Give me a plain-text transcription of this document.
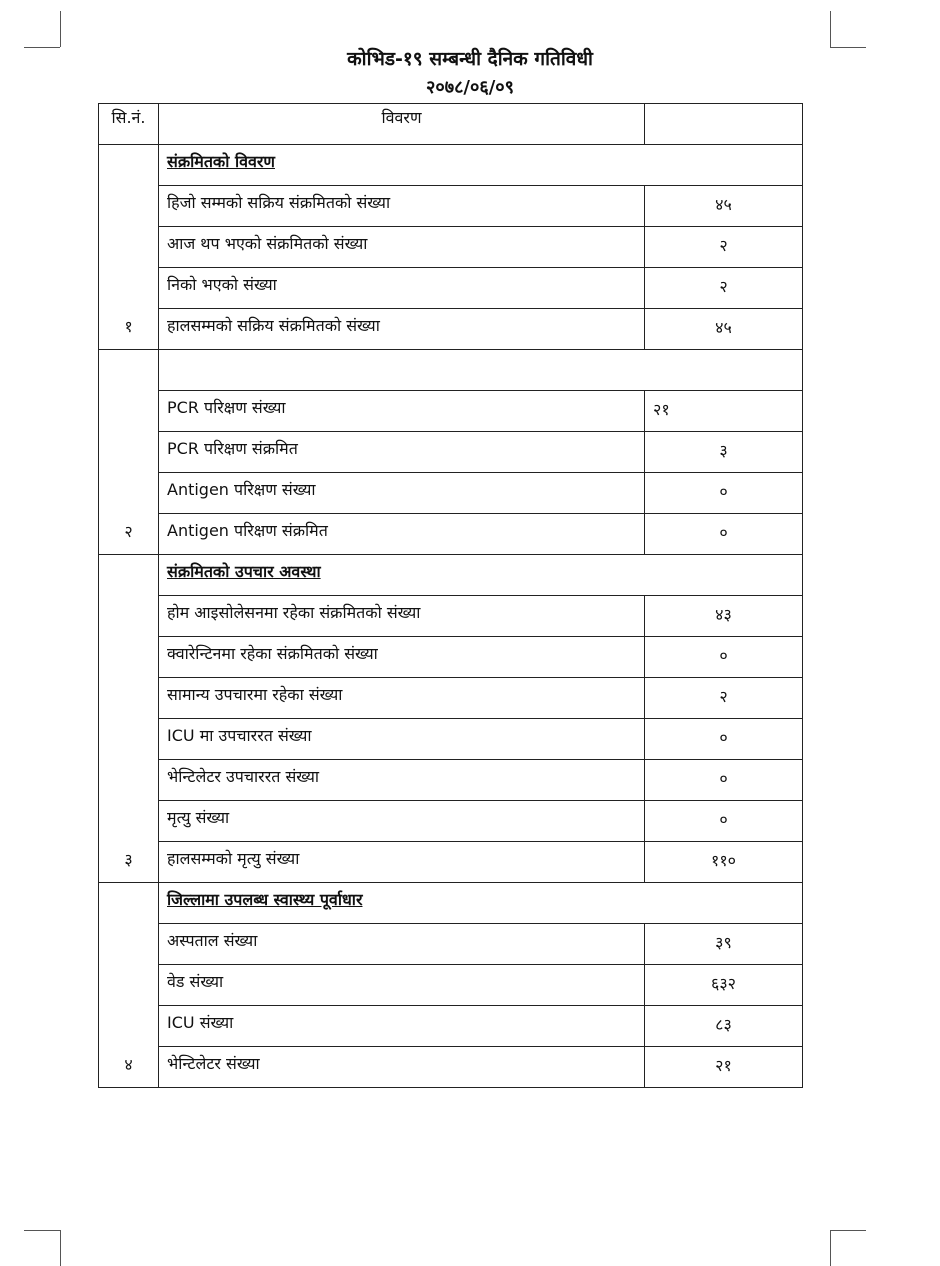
कोभिड-१९ सम्बन्धी दैनिक गतिविधी
२०७८/०६/०९
सि.नं.	विवरण	
१	संक्रमितको विवरण	
	हिजो सम्मको सक्रिय संक्रमितको संख्या	४५
	आज थप भएको संक्रमितको संख्या	२
	निको भएको संख्या	२
	हालसम्मको सक्रिय संक्रमितको संख्या	४५
२		
	PCR परिक्षण संख्या	२१
	PCR परिक्षण संक्रमित	३
	Antigen परिक्षण संख्या	०
	Antigen परिक्षण संक्रमित	०
३	संक्रमितको उपचार अवस्था	
	होम आइसोलेसनमा रहेका संक्रमितको संख्या	४३
	क्वारेन्टिनमा रहेका संक्रमितको संख्या	०
	सामान्य उपचारमा रहेका संख्या	२
	ICU मा उपचाररत संख्या	०
	भेन्टिलेटर उपचाररत संख्या	०
	मृत्यु संख्या	०
	हालसम्मको मृत्यु संख्या	११०
४	जिल्लामा उपलब्ध स्वास्थ्य पूर्वाधार	
	अस्पताल संख्या	३९
	वेड संख्या	६३२
	ICU संख्या	८३
	भेन्टिलेटर संख्या	२१
